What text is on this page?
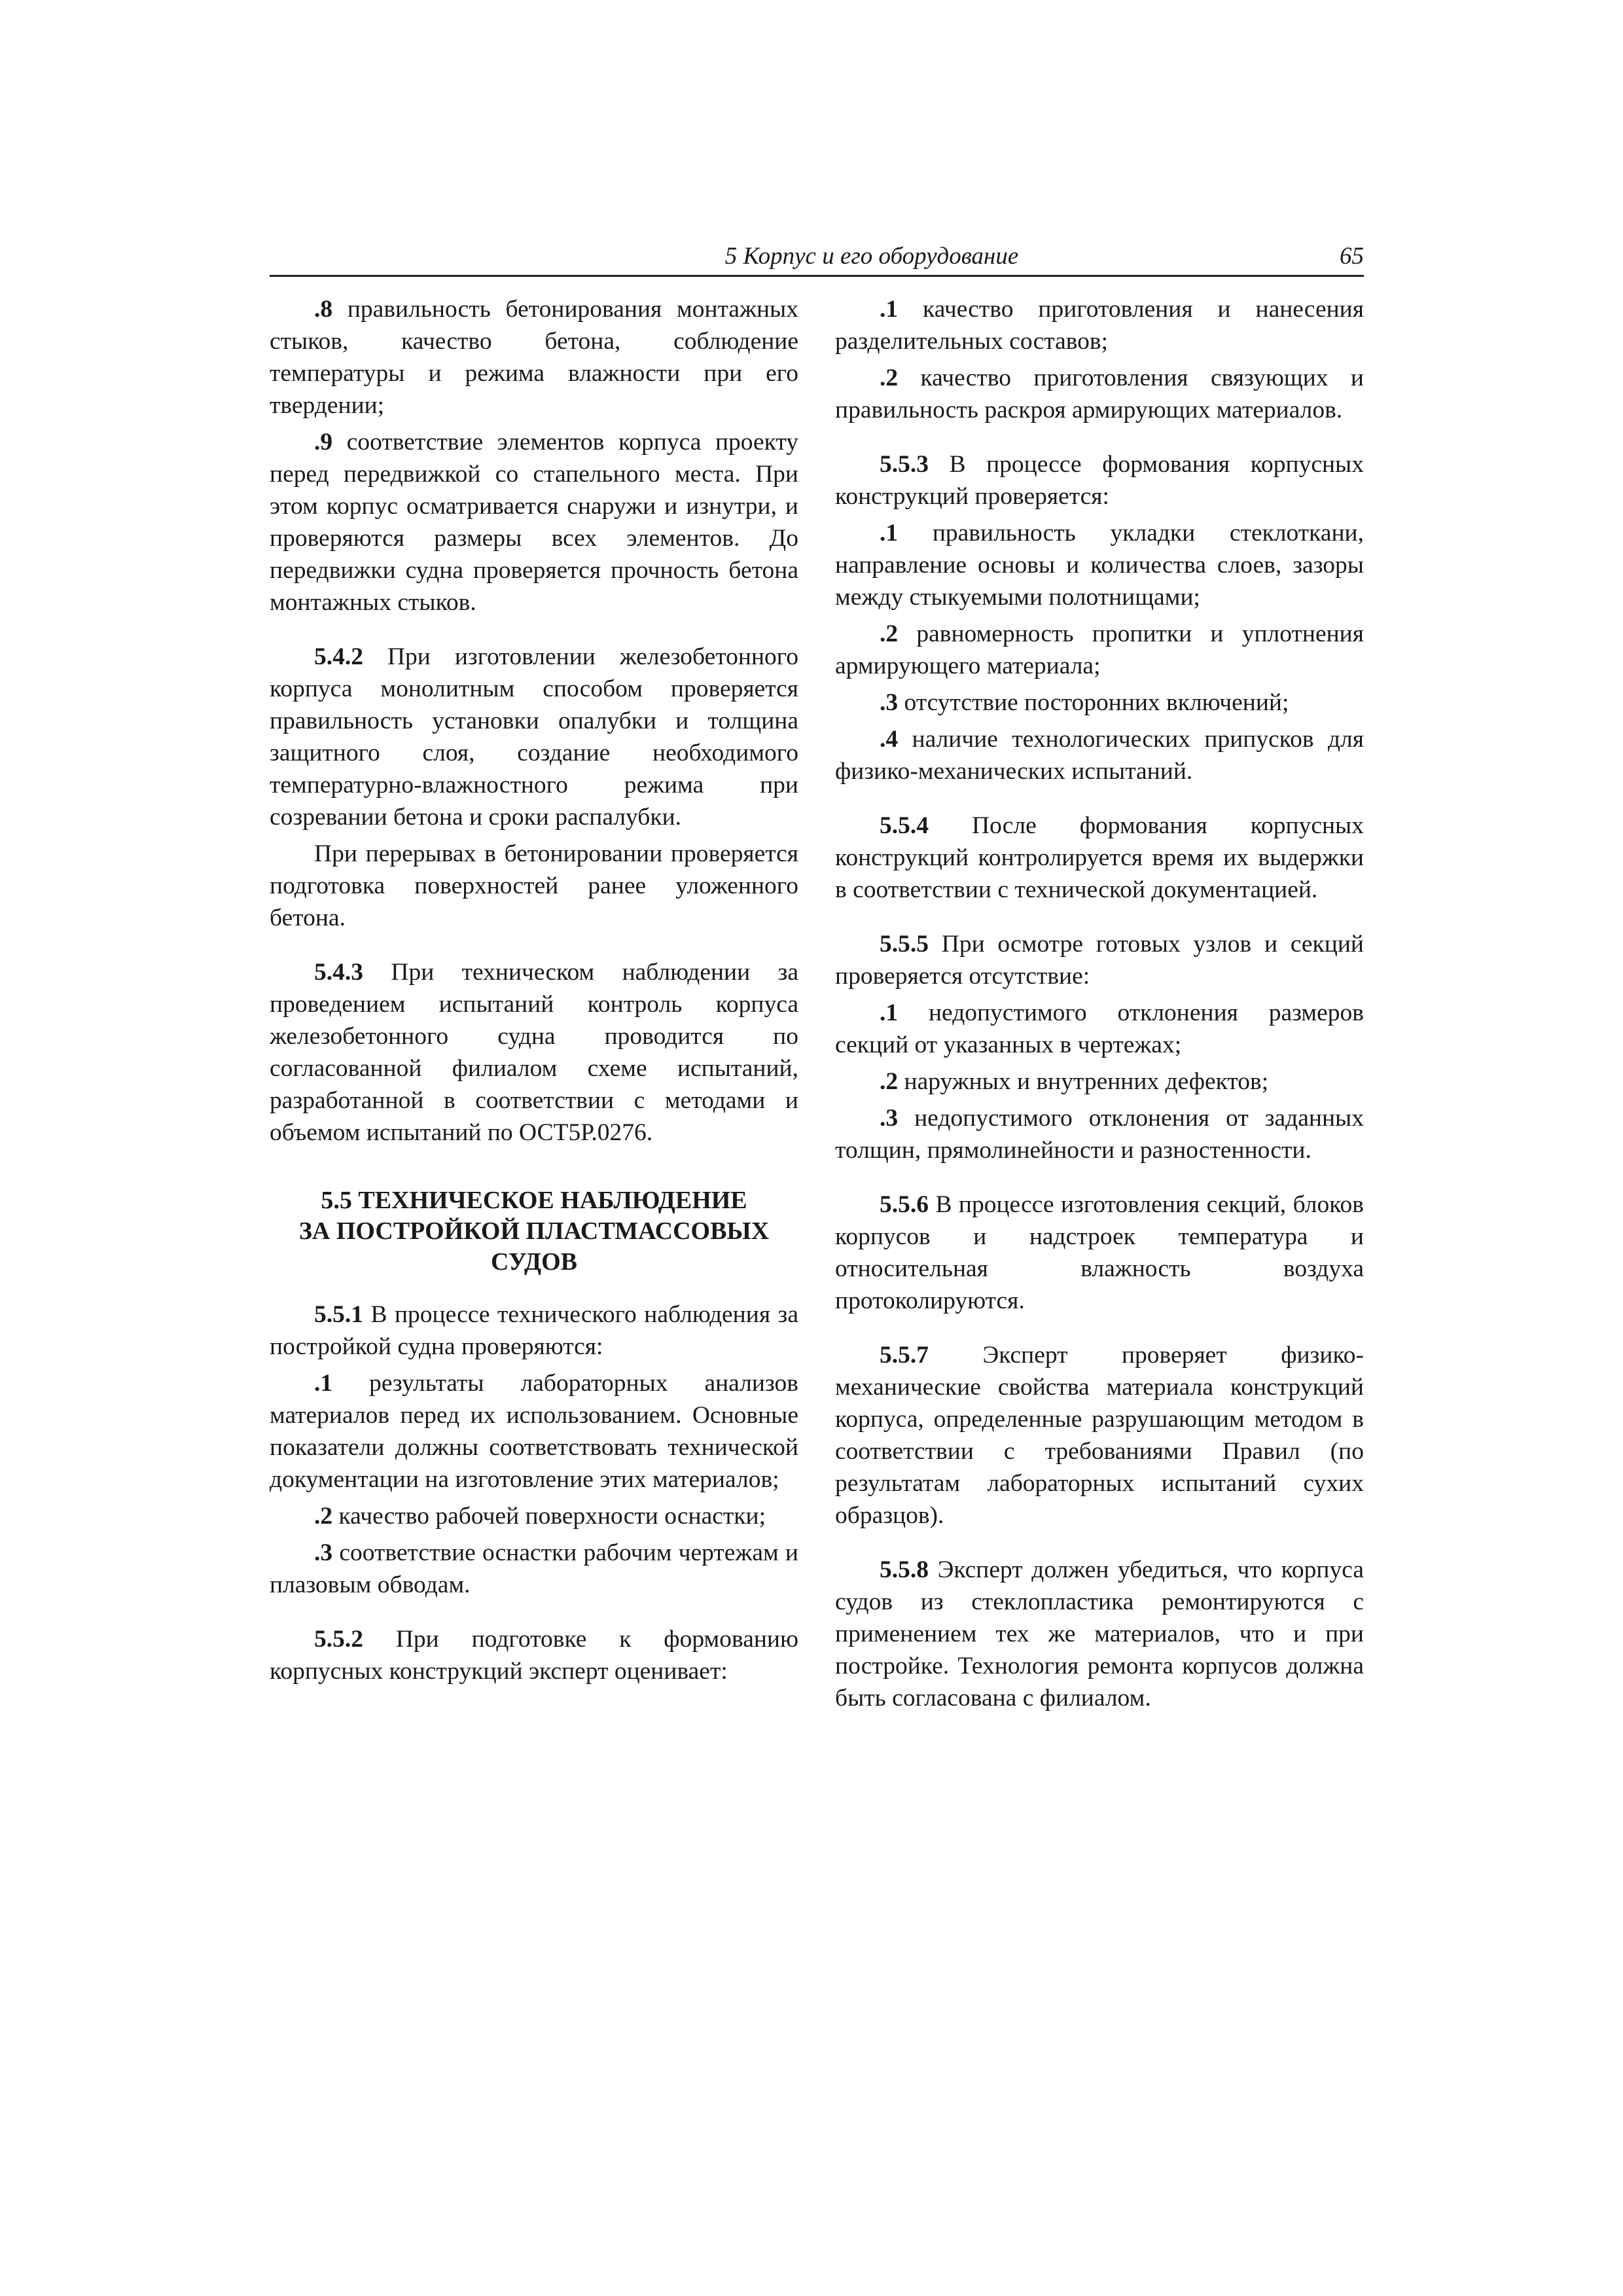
5 Корпус и его оборудование	65

.8 правильность бетонирования монтажных стыков, качество бетона, соблюдение температуры и режима влажности при его твердении;

.9 соответствие элементов корпуса проекту перед передвижкой со стапельного места. При этом корпус осматривается снаружи и изнутри, и проверяются размеры всех элементов. До передвижки судна проверяется прочность бетона монтажных стыков.

5.4.2 При изготовлении железобетонного корпуса монолитным способом проверяется правильность установки опалубки и толщина защитного слоя, создание необходимого температурно-влажностного режима при созревании бетона и сроки распалубки.

При перерывах в бетонировании проверяется подготовка поверхностей ранее уложенного бетона.

5.4.3 При техническом наблюдении за проведением испытаний контроль корпуса железобетонного судна проводится по согласованной филиалом схеме испытаний, разработанной в соответствии с методами и объемом испытаний по ОСТ5Р.0276.

5.5 ТЕХНИЧЕСКОЕ НАБЛЮДЕНИЕ
ЗА ПОСТРОЙКОЙ ПЛАСТМАССОВЫХ
СУДОВ

5.5.1 В процессе технического наблюдения за постройкой судна проверяются:

.1 результаты лабораторных анализов материалов перед их использованием. Основные показатели должны соответствовать технической документации на изготовление этих материалов;

.2 качество рабочей поверхности оснастки;

.3 соответствие оснастки рабочим чертежам и плазовым обводам.

5.5.2 При подготовке к формованию корпусных конструкций эксперт оценивает:

.1 качество приготовления и нанесения разделительных составов;

.2 качество приготовления связующих и правильность раскроя армирующих материалов.

5.5.3 В процессе формования корпусных конструкций проверяется:

.1 правильность укладки стеклоткани, направление основы и количества слоев, зазоры между стыкуемыми полотнищами;

.2 равномерность пропитки и уплотнения армирующего материала;

.3 отсутствие посторонних включений;

.4 наличие технологических припусков для физико-механических испытаний.

5.5.4 После формования корпусных конструкций контролируется время их выдержки в соответствии с технической документацией.

5.5.5 При осмотре готовых узлов и секций проверяется отсутствие:

.1 недопустимого отклонения размеров секций от указанных в чертежах;

.2 наружных и внутренних дефектов;

.3 недопустимого отклонения от заданных толщин, прямолинейности и разностенности.

5.5.6 В процессе изготовления секций, блоков корпусов и надстроек температура и относительная влажность воздуха протоколируются.

5.5.7 Эксперт проверяет физико-механические свойства материала конструкций корпуса, определенные разрушающим методом в соответствии с требованиями Правил (по результатам лабораторных испытаний сухих образцов).

5.5.8 Эксперт должен убедиться, что корпуса судов из стеклопластика ремонтируются с применением тех же материалов, что и при постройке. Технология ремонта корпусов должна быть согласована с филиалом.
